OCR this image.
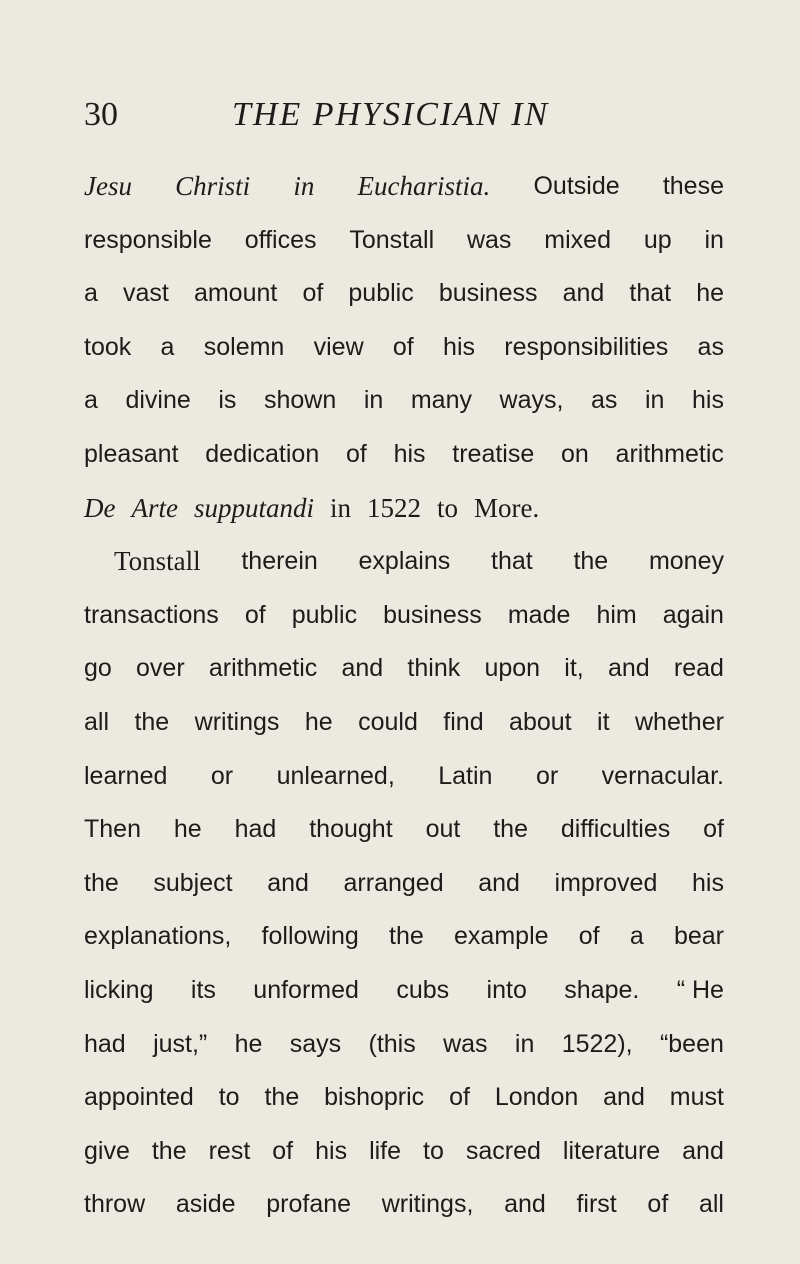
30	THE PHYSICIAN IN
Jesu Christi in Eucharistia. Outside these
responsible offices Tonstall was mixed up in
a vast amount of public business and that he
took a solemn view of his responsibilities as
a divine is shown in many ways, as in his
pleasant dedication of his treatise on arithmetic
De Arte supputandi in 1522 to More.
Tonstall therein explains that the money
transactions of public business made him again
go over arithmetic and think upon it, and read
all the writings he could find about it whether
learned or unlearned, Latin or vernacular.
Then he had thought out the difficulties of
the subject and arranged and improved his
explanations, following the example of a bear
licking its unformed cubs into shape. “ He
had just,” he says (this was in 1522), “been
appointed to the bishopric of London and must
give the rest of his life to sacred literature and
throw aside profane writings, and first of all
